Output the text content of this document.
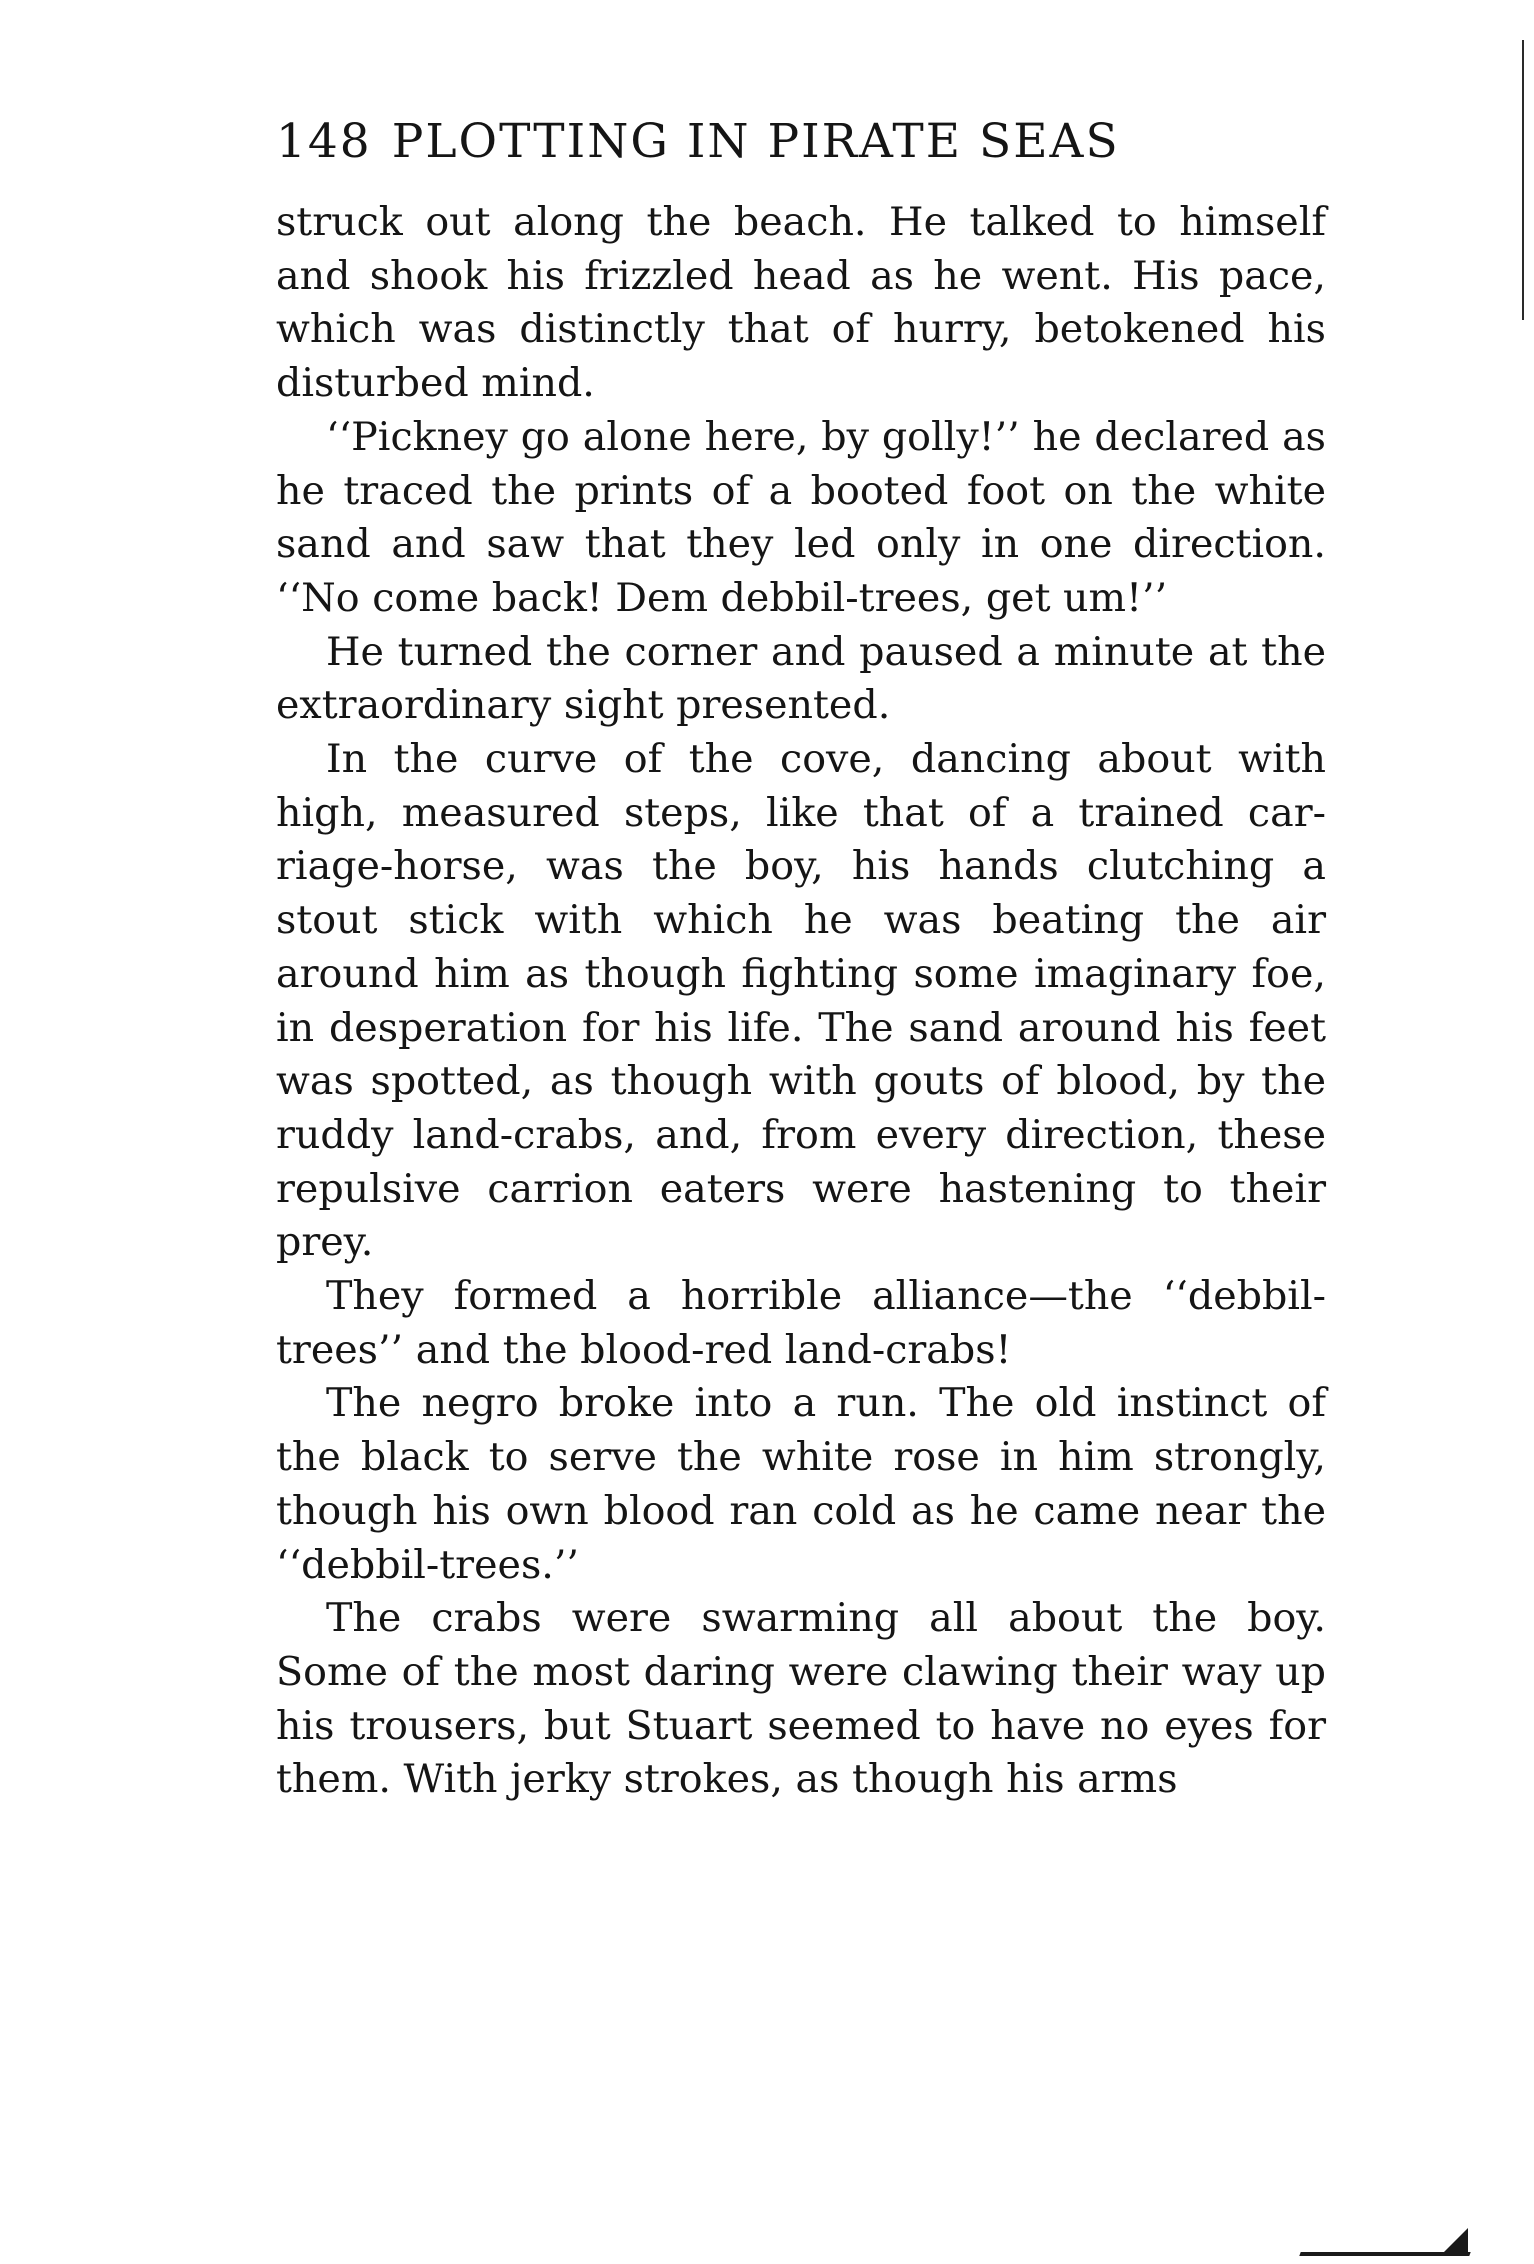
148 PLOTTING IN PIRATE SEAS

struck out along the beach. He talked to himself and shook his frizzled head as he went. His pace, which was distinctly that of hurry, betokened his disturbed mind.

‘‘Pickney go alone here, by golly!’’ he declared as he traced the prints of a booted foot on the white sand and saw that they led only in one direction. ‘‘No come back! Dem debbil-trees, get um!’’

He turned the corner and paused a minute at the extraordinary sight presented.

In the curve of the cove, dancing about with high, measured steps, like that of a trained carriage-horse, was the boy, his hands clutching a stout stick with which he was beating the air around him as though fighting some imaginary foe, in desperation for his life. The sand around his feet was spotted, as though with gouts of blood, by the ruddy land-crabs, and, from every direction, these repulsive carrion eaters were hastening to their prey.

They formed a horrible alliance—the ‘‘debbil-trees’’ and the blood-red land-crabs!

The negro broke into a run. The old instinct of the black to serve the white rose in him strongly, though his own blood ran cold as he came near the ‘‘debbil-trees.’’

The crabs were swarming all about the boy. Some of the most daring were clawing their way up his trousers, but Stuart seemed to have no eyes for them. With jerky strokes, as though his arms
